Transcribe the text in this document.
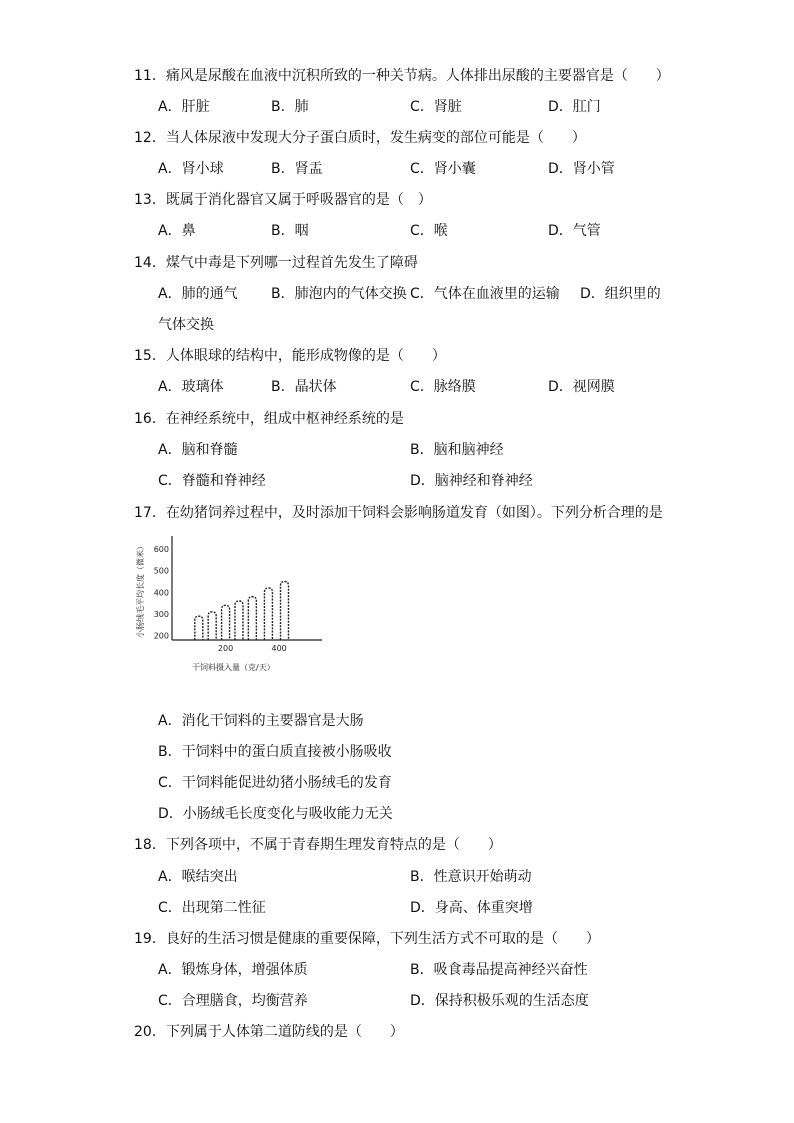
11．痛风是尿酸在血液中沉积所致的一种关节病。人体排出尿酸的主要器官是（　　）
A．肝脏	B．肺	C．肾脏	D．肛门
12．当人体尿液中发现大分子蛋白质时，发生病变的部位可能是（　　）
A．肾小球	B．肾盂	C．肾小囊	D．肾小管
13．既属于消化器官又属于呼吸器官的是（　）
A．鼻	B．咽	C．喉	D．气管
14．煤气中毒是下列哪一过程首先发生了障碍
A．肺的通气 B．肺泡内的气体交换 C．气体在血液里的运输 D．组织里的
气体交换
15．人体眼球的结构中，能形成物像的是（　　）
A．玻璃体	B．晶状体	C．脉络膜	D．视网膜
16．在神经系统中，组成中枢神经系统的是
A．脑和脊髓	B．脑和脑神经
C．脊髓和脊神经	D．脑神经和脊神经
17．在幼猪饲养过程中，及时添加干饲料会影响肠道发育（如图）。下列分析合理的是
200
300
400
500
600
200	400
干饲料摄入量（克/天）
小肠绒毛平均长度（微米）
A．消化干饲料的主要器官是大肠
B．干饲料中的蛋白质直接被小肠吸收
C．干饲料能促进幼猪小肠绒毛的发育
D．小肠绒毛长度变化与吸收能力无关
18．下列各项中，不属于青春期生理发育特点的是（　　）
A．喉结突出	B．性意识开始萌动
C．出现第二性征	D．身高、体重突增
19．良好的生活习惯是健康的重要保障，下列生活方式不可取的是（　　）
A．锻炼身体，增强体质	B．吸食毒品提高神经兴奋性
C．合理膳食，均衡营养	D．保持积极乐观的生活态度
20．下列属于人体第二道防线的是（　　）
